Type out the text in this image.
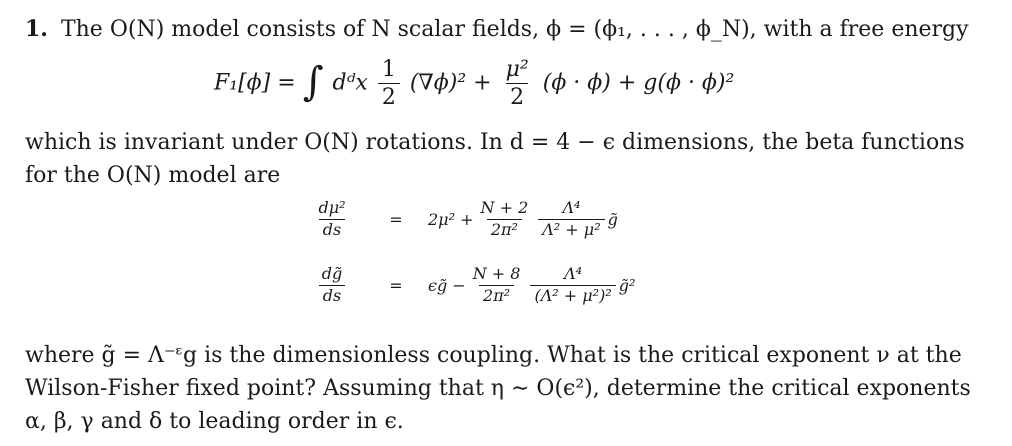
1. The O(N) model consists of N scalar fields, ϕ = (ϕ₁, . . . , ϕ_N), with a free energy
F₁[ϕ] = ∫ dᵈx $\frac{1}{2} (\nabla\phi)^2 + \frac{\text{μ²}}{2} (\phi \cdot \phi) + g(\phi \cdot \phi)^2$
which is invariant under O(N) rotations. In d = 4 − ϵ dimensions, the beta functions
for the O(N) model are
$\frac{\text{dμ²}}{ds}$	=	$2\mu^2 + \frac{N + 2}{\text{2π²}} \frac{\text{Λ⁴}}{\text{Λ² + μ²}}$ g̃
$\frac{dg̃}{ds}$	=	ϵg̃ − $\frac{N + 8}{\text{2π²}} \frac{\text{Λ⁴}}{\text{(Λ² + μ²)²}}$ g̃²
where g̃ = Λ⁻ᵋg is the dimensionless coupling. What is the critical exponent ν at the
Wilson-Fisher fixed point? Assuming that η ∼ O(ϵ²), determine the critical exponents
α, β, γ and δ to leading order in ϵ.
